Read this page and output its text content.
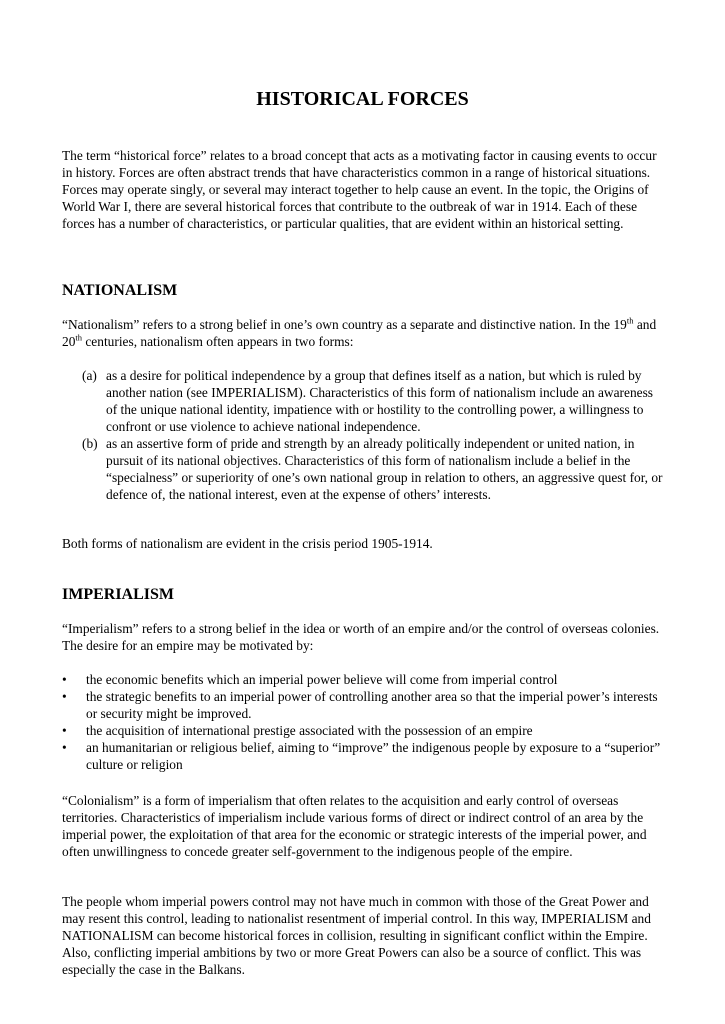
HISTORICAL FORCES

The term “historical force” relates to a broad concept that acts as a motivating factor in causing events to occur in history. Forces are often abstract trends that have characteristics common in a range of historical situations. Forces may operate singly, or several may interact together to help cause an event. In the topic, the Origins of World War I, there are several historical forces that contribute to the outbreak of war in 1914. Each of these forces has a number of characteristics, or particular qualities, that are evident within an historical setting.

NATIONALISM

“Nationalism” refers to a strong belief in one’s own country as a separate and distinctive nation. In the 19th and 20th centuries, nationalism often appears in two forms:

(a) as a desire for political independence by a group that defines itself as a nation, but which is ruled by another nation (see IMPERIALISM). Characteristics of this form of nationalism include an awareness of the unique national identity, impatience with or hostility to the controlling power, a willingness to confront or use violence to achieve national independence.
(b) as an assertive form of pride and strength by an already politically independent or united nation, in pursuit of its national objectives. Characteristics of this form of nationalism include a belief in the “specialness” or superiority of one’s own national group in relation to others, an aggressive quest for, or defence of, the national interest, even at the expense of others’ interests.

Both forms of nationalism are evident in the crisis period 1905-1914.

IMPERIALISM

“Imperialism” refers to a strong belief in the idea or worth of an empire and/or the control of overseas colonies. The desire for an empire may be motivated by:

• the economic benefits which an imperial power believe will come from imperial control
• the strategic benefits to an imperial power of controlling another area so that the imperial power’s interests or security might be improved.
• the acquisition of international prestige associated with the possession of an empire
• an humanitarian or religious belief, aiming to “improve” the indigenous people by exposure to a “superior” culture or religion

“Colonialism” is a form of imperialism that often relates to the acquisition and early control of overseas territories. Characteristics of imperialism include various forms of direct or indirect control of an area by the imperial power, the exploitation of that area for the economic or strategic interests of the imperial power, and often unwillingness to concede greater self-government to the indigenous people of the empire.

The people whom imperial powers control may not have much in common with those of the Great Power and may resent this control, leading to nationalist resentment of imperial control. In this way, IMPERIALISM and NATIONALISM can become historical forces in collision, resulting in significant conflict within the Empire. Also, conflicting imperial ambitions by two or more Great Powers can also be a source of conflict. This was especially the case in the Balkans.
